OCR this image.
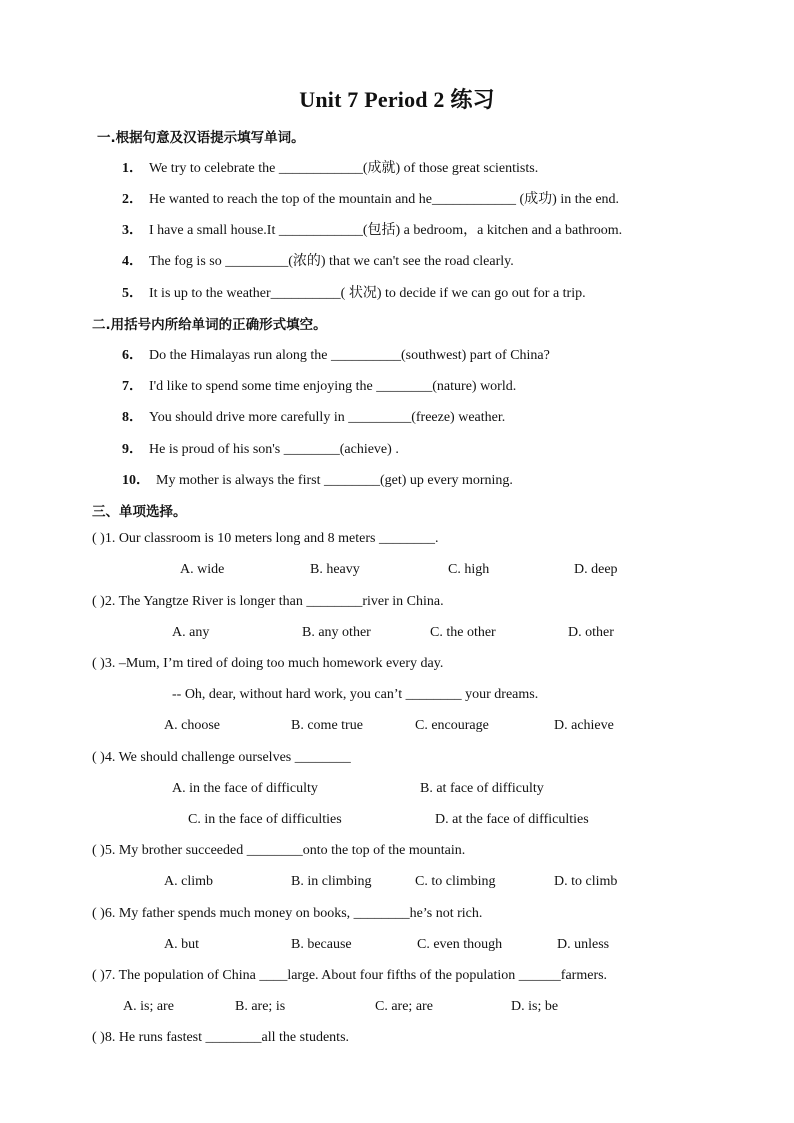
Unit 7 Period 2 练习
一.根据句意及汉语提示填写单词。
1． We try to celebrate the ____________(成就) of those great scientists.
2． He wanted to reach the top of the mountain and he____________ (成功) in the end.
3． I have a small house.It ____________(包括) a bedroom，a kitchen and a bathroom.
4． The fog is so _________(浓的) that we can't see the road clearly.
5． It is up to the weather__________( 状况) to decide if we can go out for a trip.
二.用括号内所给单词的正确形式填空。
6． Do the Himalayas run along the __________(southwest) part of China?
7． I'd like to spend some time enjoying the ________(nature) world.
8． You should drive more carefully in _________(freeze) weather.
9． He is proud of his son's ________(achieve) .
10． My mother is always the first ________(get) up every morning.
三、单项选择。
( )1. Our classroom is 10 meters long and 8 meters ________.
A. wide	B. heavy	C. high	D. deep
( )2. The Yangtze River is longer than ________river in China.
A. any	B. any other	C. the other	D. other
( )3. –Mum, I’m tired of doing too much homework every day.
-- Oh, dear, without hard work, you can’t ________ your dreams.
A. choose	B. come true	C. encourage	D. achieve
( )4. We should challenge ourselves ________
A. in the face of difficulty	B. at face of difficulty
C. in the face of difficulties	D. at the face of difficulties
( )5. My brother succeeded ________onto the top of the mountain.
A. climb	B. in climbing	C. to climbing	D. to climb
( )6. My father spends much money on books, ________he’s not rich.
A. but	B. because	C. even though	D. unless
( )7. The population of China ____large. About four fifths of the population ______farmers.
A. is; are	B. are; is	C. are; are	D. is; be
( )8. He runs fastest ________all the students.
